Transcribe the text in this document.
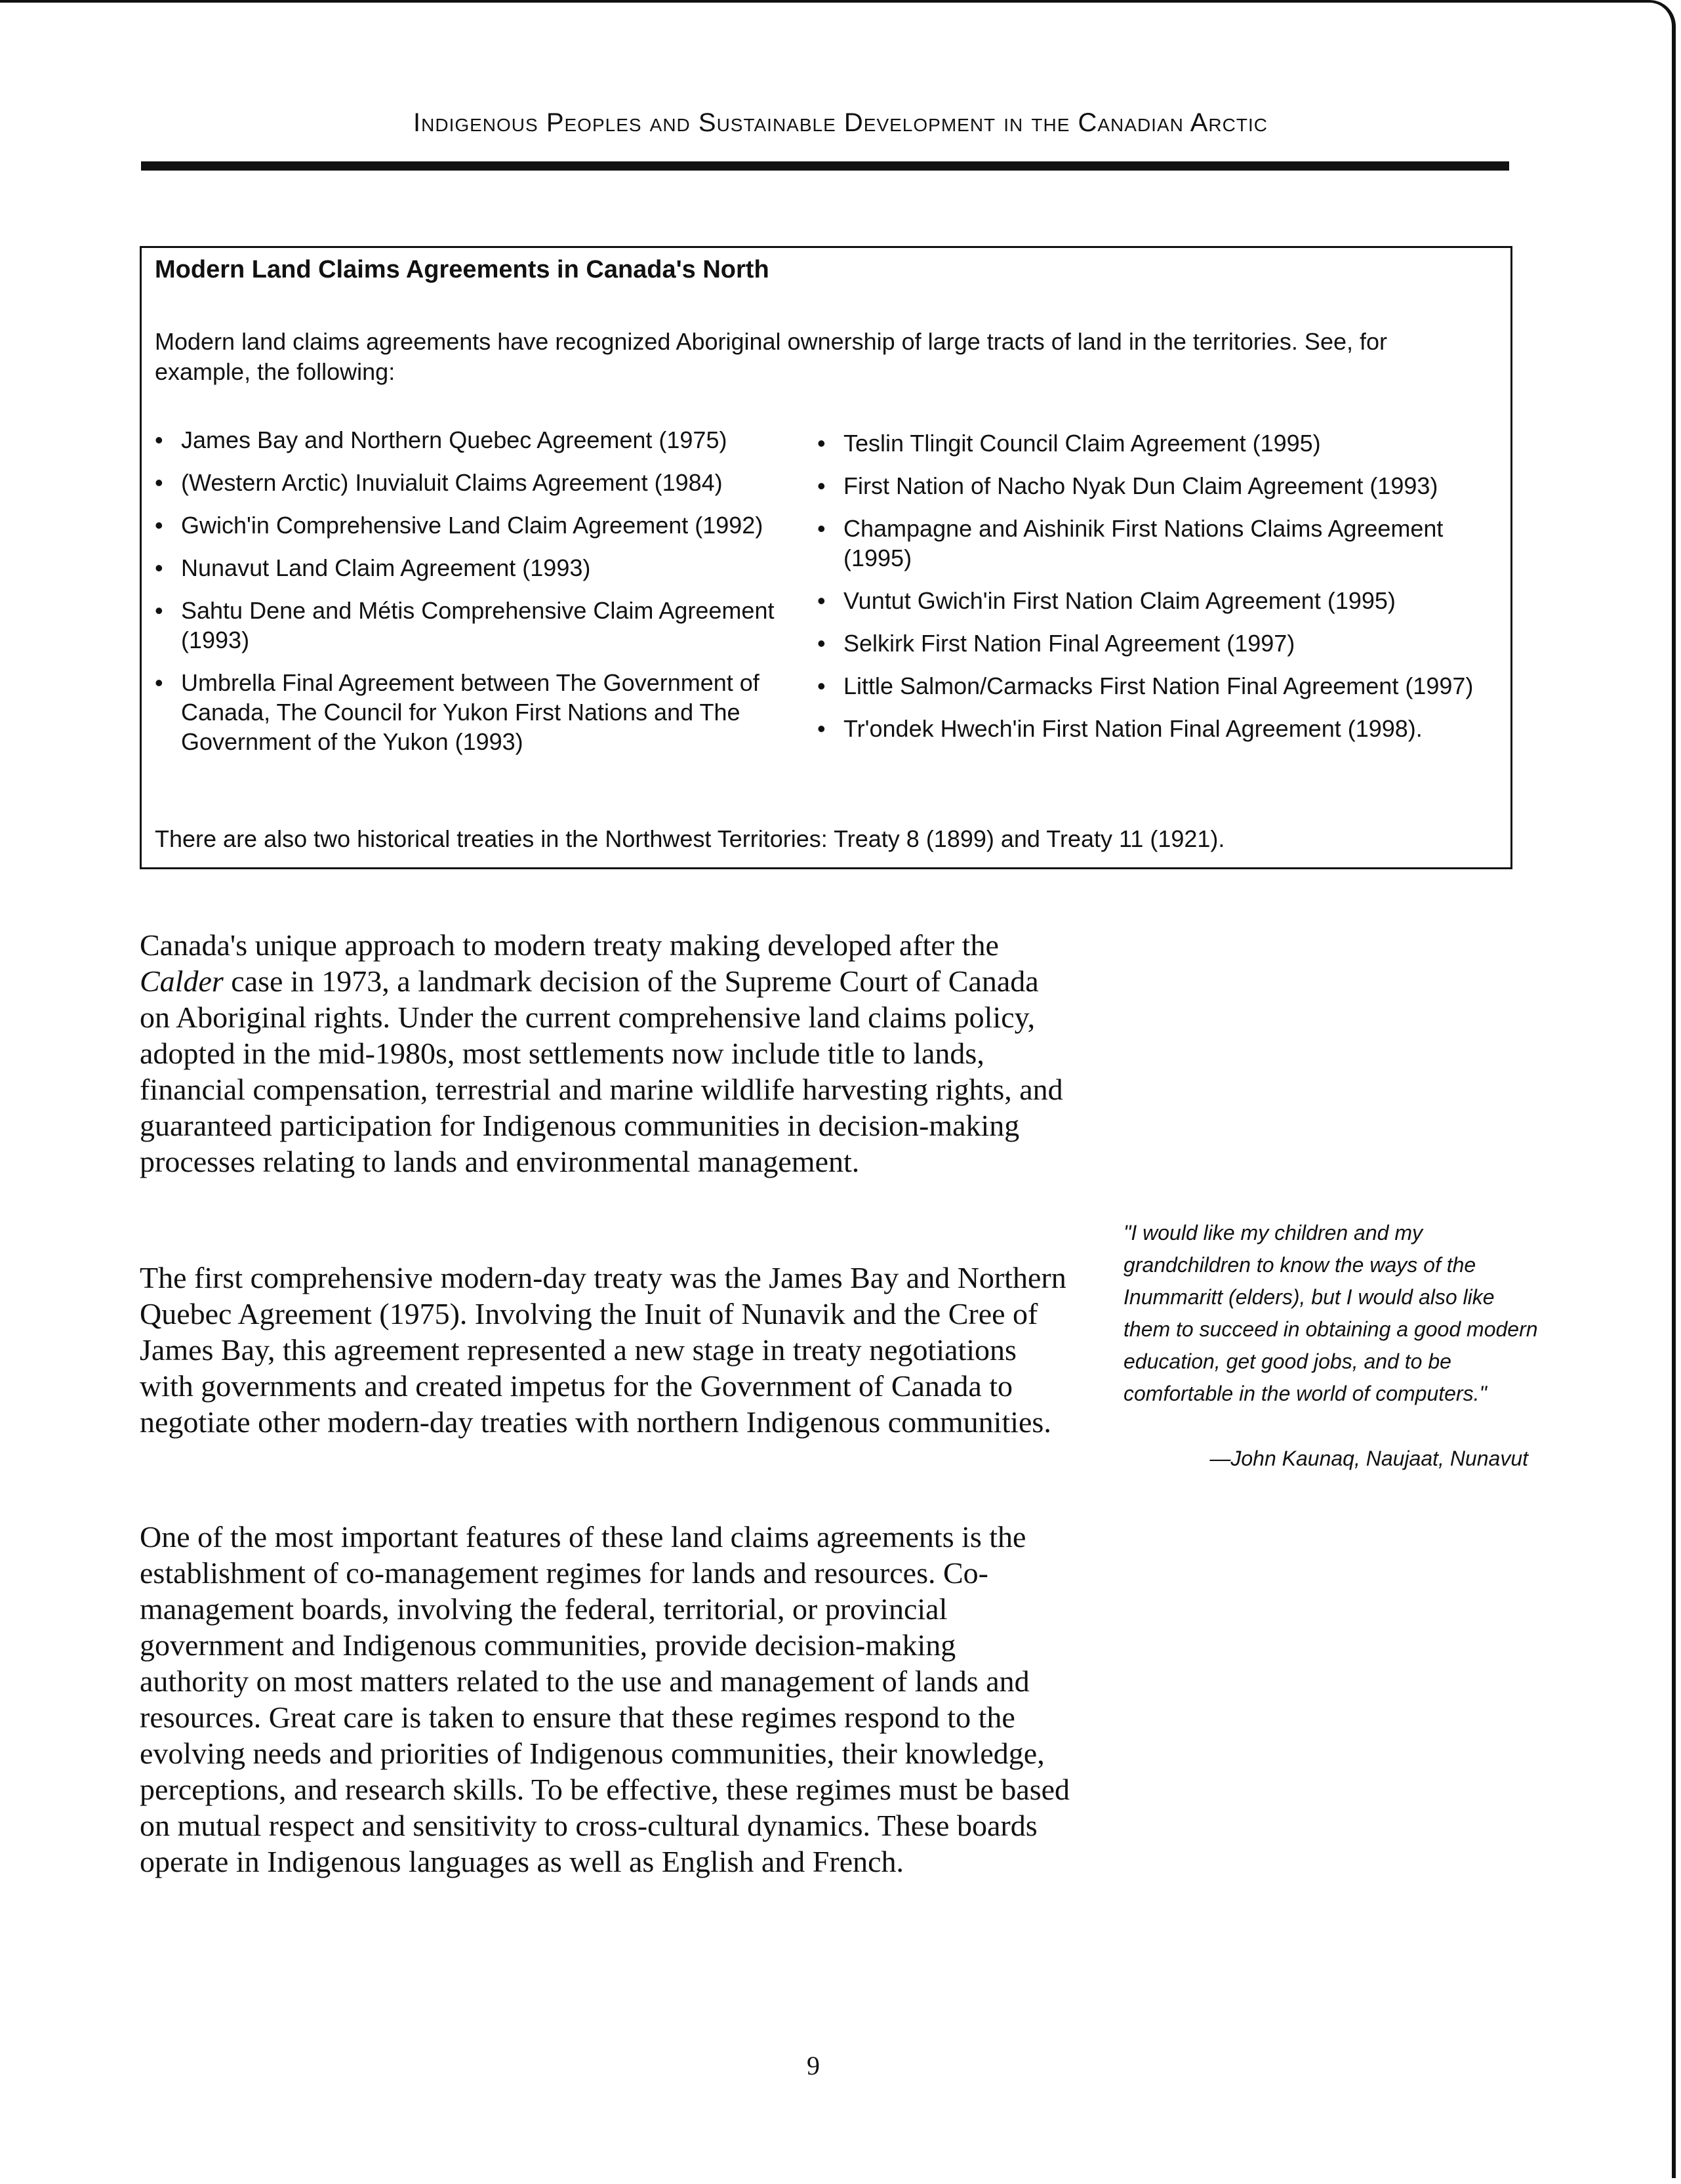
Indigenous Peoples and Sustainable Development in the Canadian Arctic
Modern Land Claims Agreements in Canada's North
Modern land claims agreements have recognized Aboriginal ownership of large tracts of land in the territories. See, for example, the following:
• James Bay and Northern Quebec Agreement (1975)
• (Western Arctic) Inuvialuit Claims Agreement (1984)
• Gwich'in Comprehensive Land Claim Agreement (1992)
• Nunavut Land Claim Agreement (1993)
• Sahtu Dene and Métis Comprehensive Claim Agreement (1993)
• Umbrella Final Agreement between The Government of Canada, The Council for Yukon First Nations and The Government of the Yukon (1993)
• Teslin Tlingit Council Claim Agreement (1995)
• First Nation of Nacho Nyak Dun Claim Agreement (1993)
• Champagne and Aishinik First Nations Claims Agreement (1995)
• Vuntut Gwich'in First Nation Claim Agreement (1995)
• Selkirk First Nation Final Agreement (1997)
• Little Salmon/Carmacks First Nation Final Agreement (1997)
• Tr'ondek Hwech'in First Nation Final Agreement (1998).
There are also two historical treaties in the Northwest Territories: Treaty 8 (1899) and Treaty 11 (1921).

Canada's unique approach to modern treaty making developed after the Calder case in 1973, a landmark decision of the Supreme Court of Canada on Aboriginal rights. Under the current comprehensive land claims policy, adopted in the mid-1980s, most settlements now include title to lands, financial compensation, terrestrial and marine wildlife harvesting rights, and guaranteed participation for Indigenous communities in decision-making processes relating to lands and environmental management.

The first comprehensive modern-day treaty was the James Bay and Northern Quebec Agreement (1975). Involving the Inuit of Nunavik and the Cree of James Bay, this agreement represented a new stage in treaty negotiations with governments and created impetus for the Government of Canada to negotiate other modern-day treaties with northern Indigenous communities.

One of the most important features of these land claims agreements is the establishment of co-management regimes for lands and resources. Co-management boards, involving the federal, territorial, or provincial government and Indigenous communities, provide decision-making authority on most matters related to the use and management of lands and resources. Great care is taken to ensure that these regimes respond to the evolving needs and priorities of Indigenous communities, their knowledge, perceptions, and research skills. To be effective, these regimes must be based on mutual respect and sensitivity to cross-cultural dynamics. These boards operate in Indigenous languages as well as English and French.

"I would like my children and my grandchildren to know the ways of the Inummaritt (elders), but I would also like them to succeed in obtaining a good modern education, get good jobs, and to be comfortable in the world of computers."
—John Kaunaq, Naujaat, Nunavut
9
